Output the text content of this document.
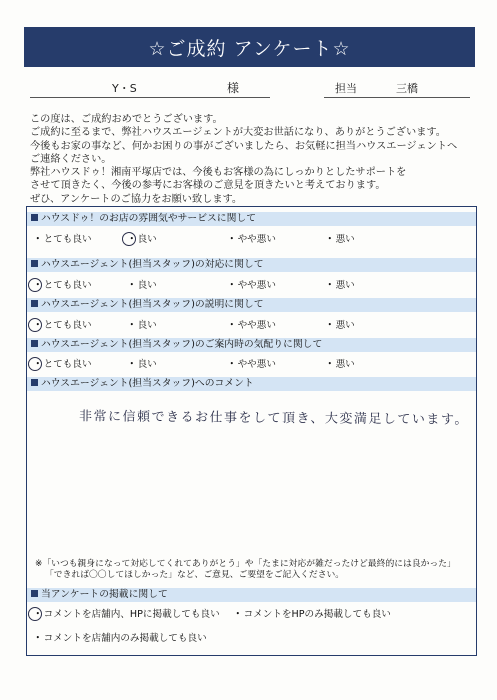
☆ご成約 アンケート☆
Y・S	様	担当	三橋
この度は、ご成約おめでとうございます。
ご成約に至るまで、弊社ハウスエージェントが大変お世話になり、ありがとうございます。
今後もお家の事など、何かお困りの事がございましたら、お気軽に担当ハウスエージェントへ
ご連絡ください。
弊社ハウスドゥ！湘南平塚店では、今後もお客様の為にしっかりとしたサポートを
させて頂きたく、今後の参考にお客様のご意見を頂きたいと考えております。
ぜひ、アンケートのご協力をお願い致します。
ハウスドゥ！のお店の雰囲気やサービスに関して
・とても良い	・良い	・やや悪い	・悪い
ハウスエージェント(担当スタッフ)の対応に関して
・とても良い	・良い	・やや悪い	・悪い
ハウスエージェント(担当スタッフ)の説明に関して
・とても良い	・良い	・やや悪い	・悪い
ハウスエージェント(担当スタッフ)のご案内時の気配りに関して
・とても良い	・良い	・やや悪い	・悪い
ハウスエージェント(担当スタッフ)へのコメント
非常に信頼できるお仕事をして頂き、大変満足しています。
※「いつも親身になって対応してくれてありがとう」や「たまに対応が雑だったけど最終的には良かった」
「できれば〇〇してほしかった」など、ご意見、ご要望をご記入ください。
当アンケートの掲載に関して
・コメントを店舗内、HPに掲載しても良い ・コメントをHPのみ掲載しても良い
・コメントを店舗内のみ掲載しても良い
